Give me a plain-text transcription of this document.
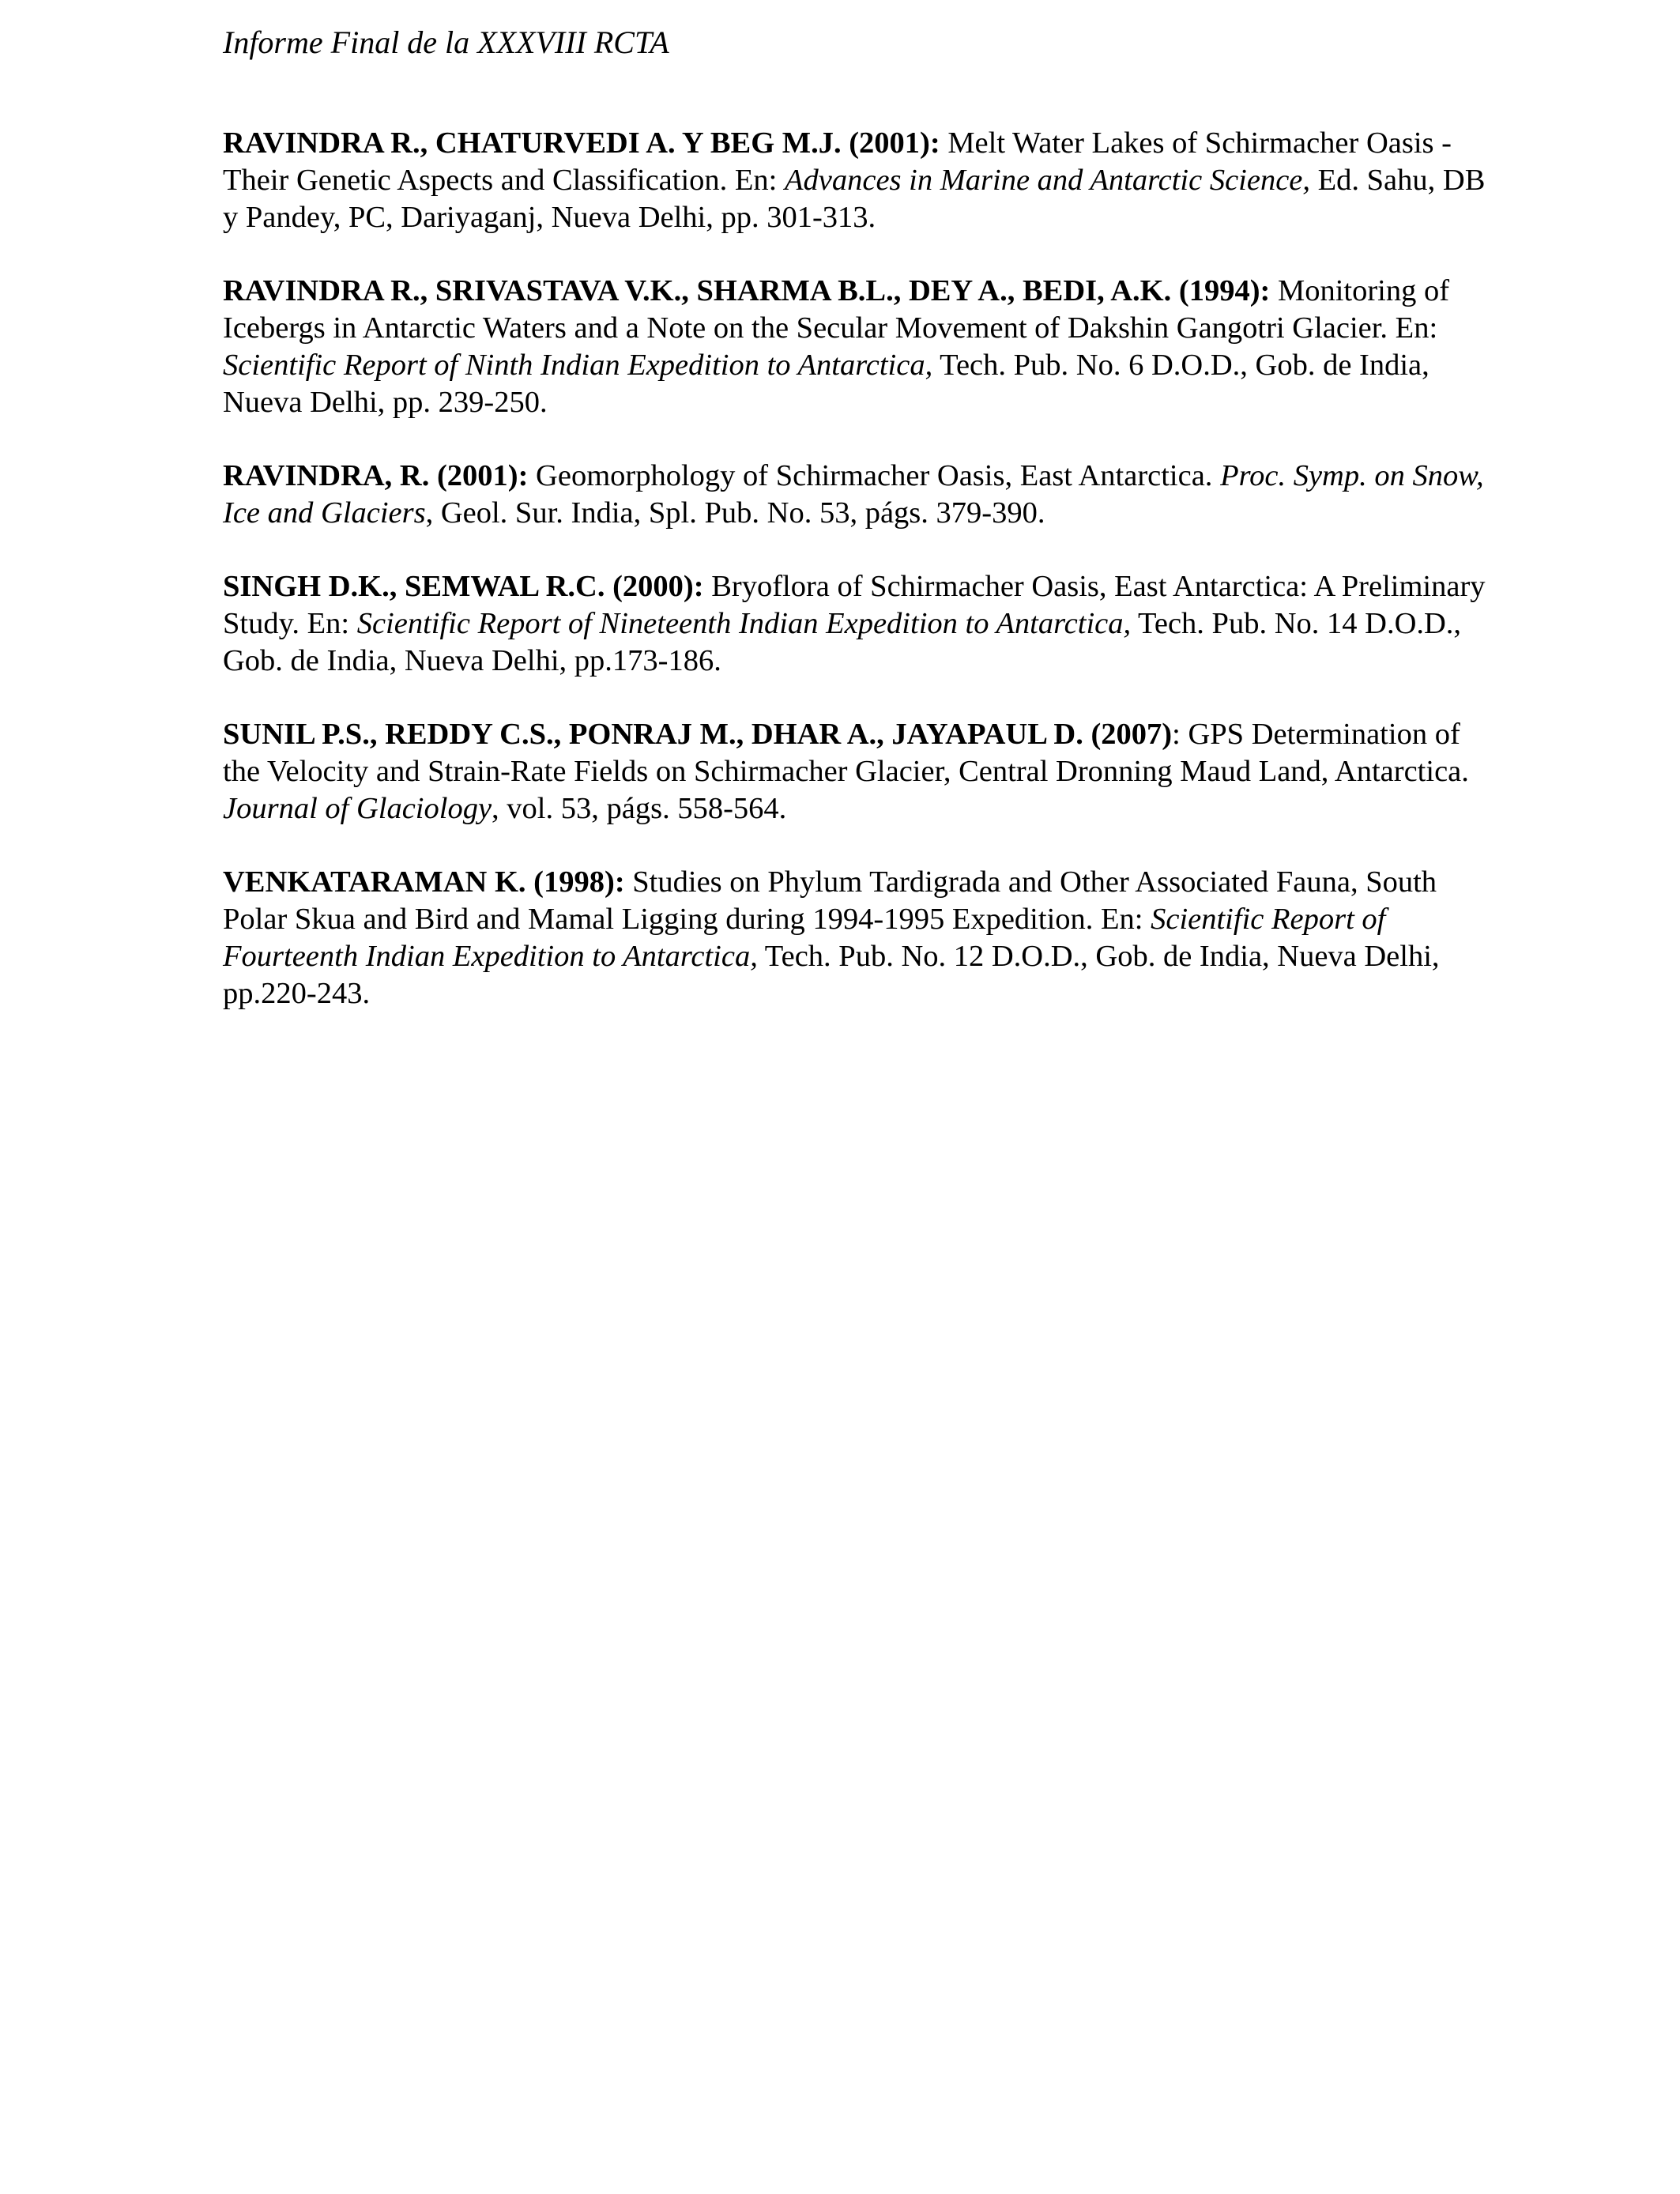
Informe Final de la XXXVIII RCTA

RAVINDRA R., CHATURVEDI A. Y BEG M.J. (2001): Melt Water Lakes of Schirmacher Oasis - Their Genetic Aspects and Classification. En: Advances in Marine and Antarctic Science, Ed. Sahu, DB y Pandey, PC, Dariyaganj, Nueva Delhi, pp. 301-313.

RAVINDRA R., SRIVASTAVA V.K., SHARMA B.L., DEY A., BEDI, A.K. (1994): Monitoring of Icebergs in Antarctic Waters and a Note on the Secular Movement of Dakshin Gangotri Glacier. En: Scientific Report of Ninth Indian Expedition to Antarctica, Tech. Pub. No. 6 D.O.D., Gob. de India, Nueva Delhi, pp. 239-250.

RAVINDRA, R. (2001): Geomorphology of Schirmacher Oasis, East Antarctica. Proc. Symp. on Snow, Ice and Glaciers, Geol. Sur. India, Spl. Pub. No. 53, págs. 379-390.

SINGH D.K., SEMWAL R.C. (2000): Bryoflora of Schirmacher Oasis, East Antarctica: A Preliminary Study. En: Scientific Report of Nineteenth Indian Expedition to Antarctica, Tech. Pub. No. 14 D.O.D., Gob. de India, Nueva Delhi, pp.173-186.

SUNIL P.S., REDDY C.S., PONRAJ M., DHAR A., JAYAPAUL D. (2007): GPS Determination of the Velocity and Strain-Rate Fields on Schirmacher Glacier, Central Dronning Maud Land, Antarctica. Journal of Glaciology, vol. 53, págs. 558-564.

VENKATARAMAN K. (1998): Studies on Phylum Tardigrada and Other Associated Fauna, South Polar Skua and Bird and Mamal Ligging during 1994-1995 Expedition. En: Scientific Report of Fourteenth Indian Expedition to Antarctica, Tech. Pub. No. 12 D.O.D., Gob. de India, Nueva Delhi, pp.220-243.
